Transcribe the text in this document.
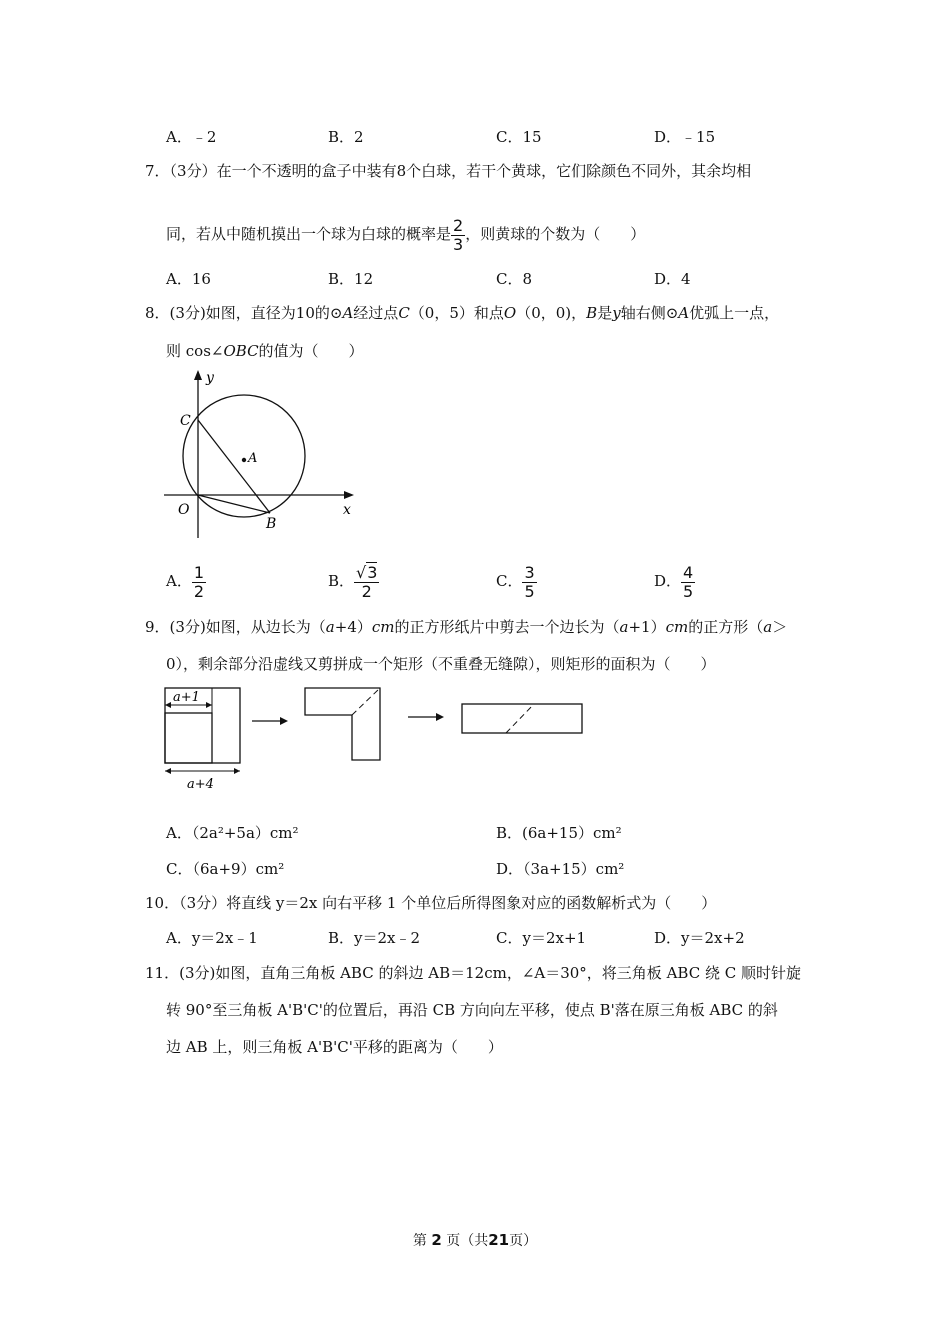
A．﹣2	B．2	C．15	D．﹣15
7．（3分）在一个不透明的盒子中装有8个白球，若干个黄球，它们除颜色不同外，其余均相
同，若从中随机摸出一个球为白球的概率是 $\frac{2}{3}$ ，则黄球的个数为（　　）
A．16	B．12	C．8	D．4
8．(3分)如图，直径为10的⊙A经过点C（0，5）和点O（0，0)，B是y轴右侧⊙A优弧上一点，
则 cos∠OBC的值为（　　）
y
x
C
A
O
B
A． $\frac{1}{2}$	B． $\frac{√3}{2}$	C． $\frac{3}{5}$	D． $\frac{4}{5}$
9．(3分)如图，从边长为（a+4）cm的正方形纸片中剪去一个边长为（a+1）cm的正方形（a＞
0），剩余部分沿虚线又剪拼成一个矩形（不重叠无缝隙），则矩形的面积为（　　）
a+1
a+4
A．（2a²+5a）cm²	B．(6a+15）cm²
C．（6a+9）cm²	D．（3a+15）cm²
10．（3分）将直线 y＝2x 向右平移 1 个单位后所得图象对应的函数解析式为（　　）
A．y＝2x﹣1	B．y＝2x﹣2	C．y＝2x+1	D．y＝2x+2
11．(3分)如图，直角三角板 ABC 的斜边 AB＝12cm，∠A＝30°，将三角板 ABC 绕 C 顺时针旋
转 90°至三角板 A'B'C'的位置后，再沿 CB 方向向左平移，使点 B'落在原三角板 ABC 的斜
边 AB 上，则三角板 A'B'C'平移的距离为（　　）
第 2 页（共21页）
